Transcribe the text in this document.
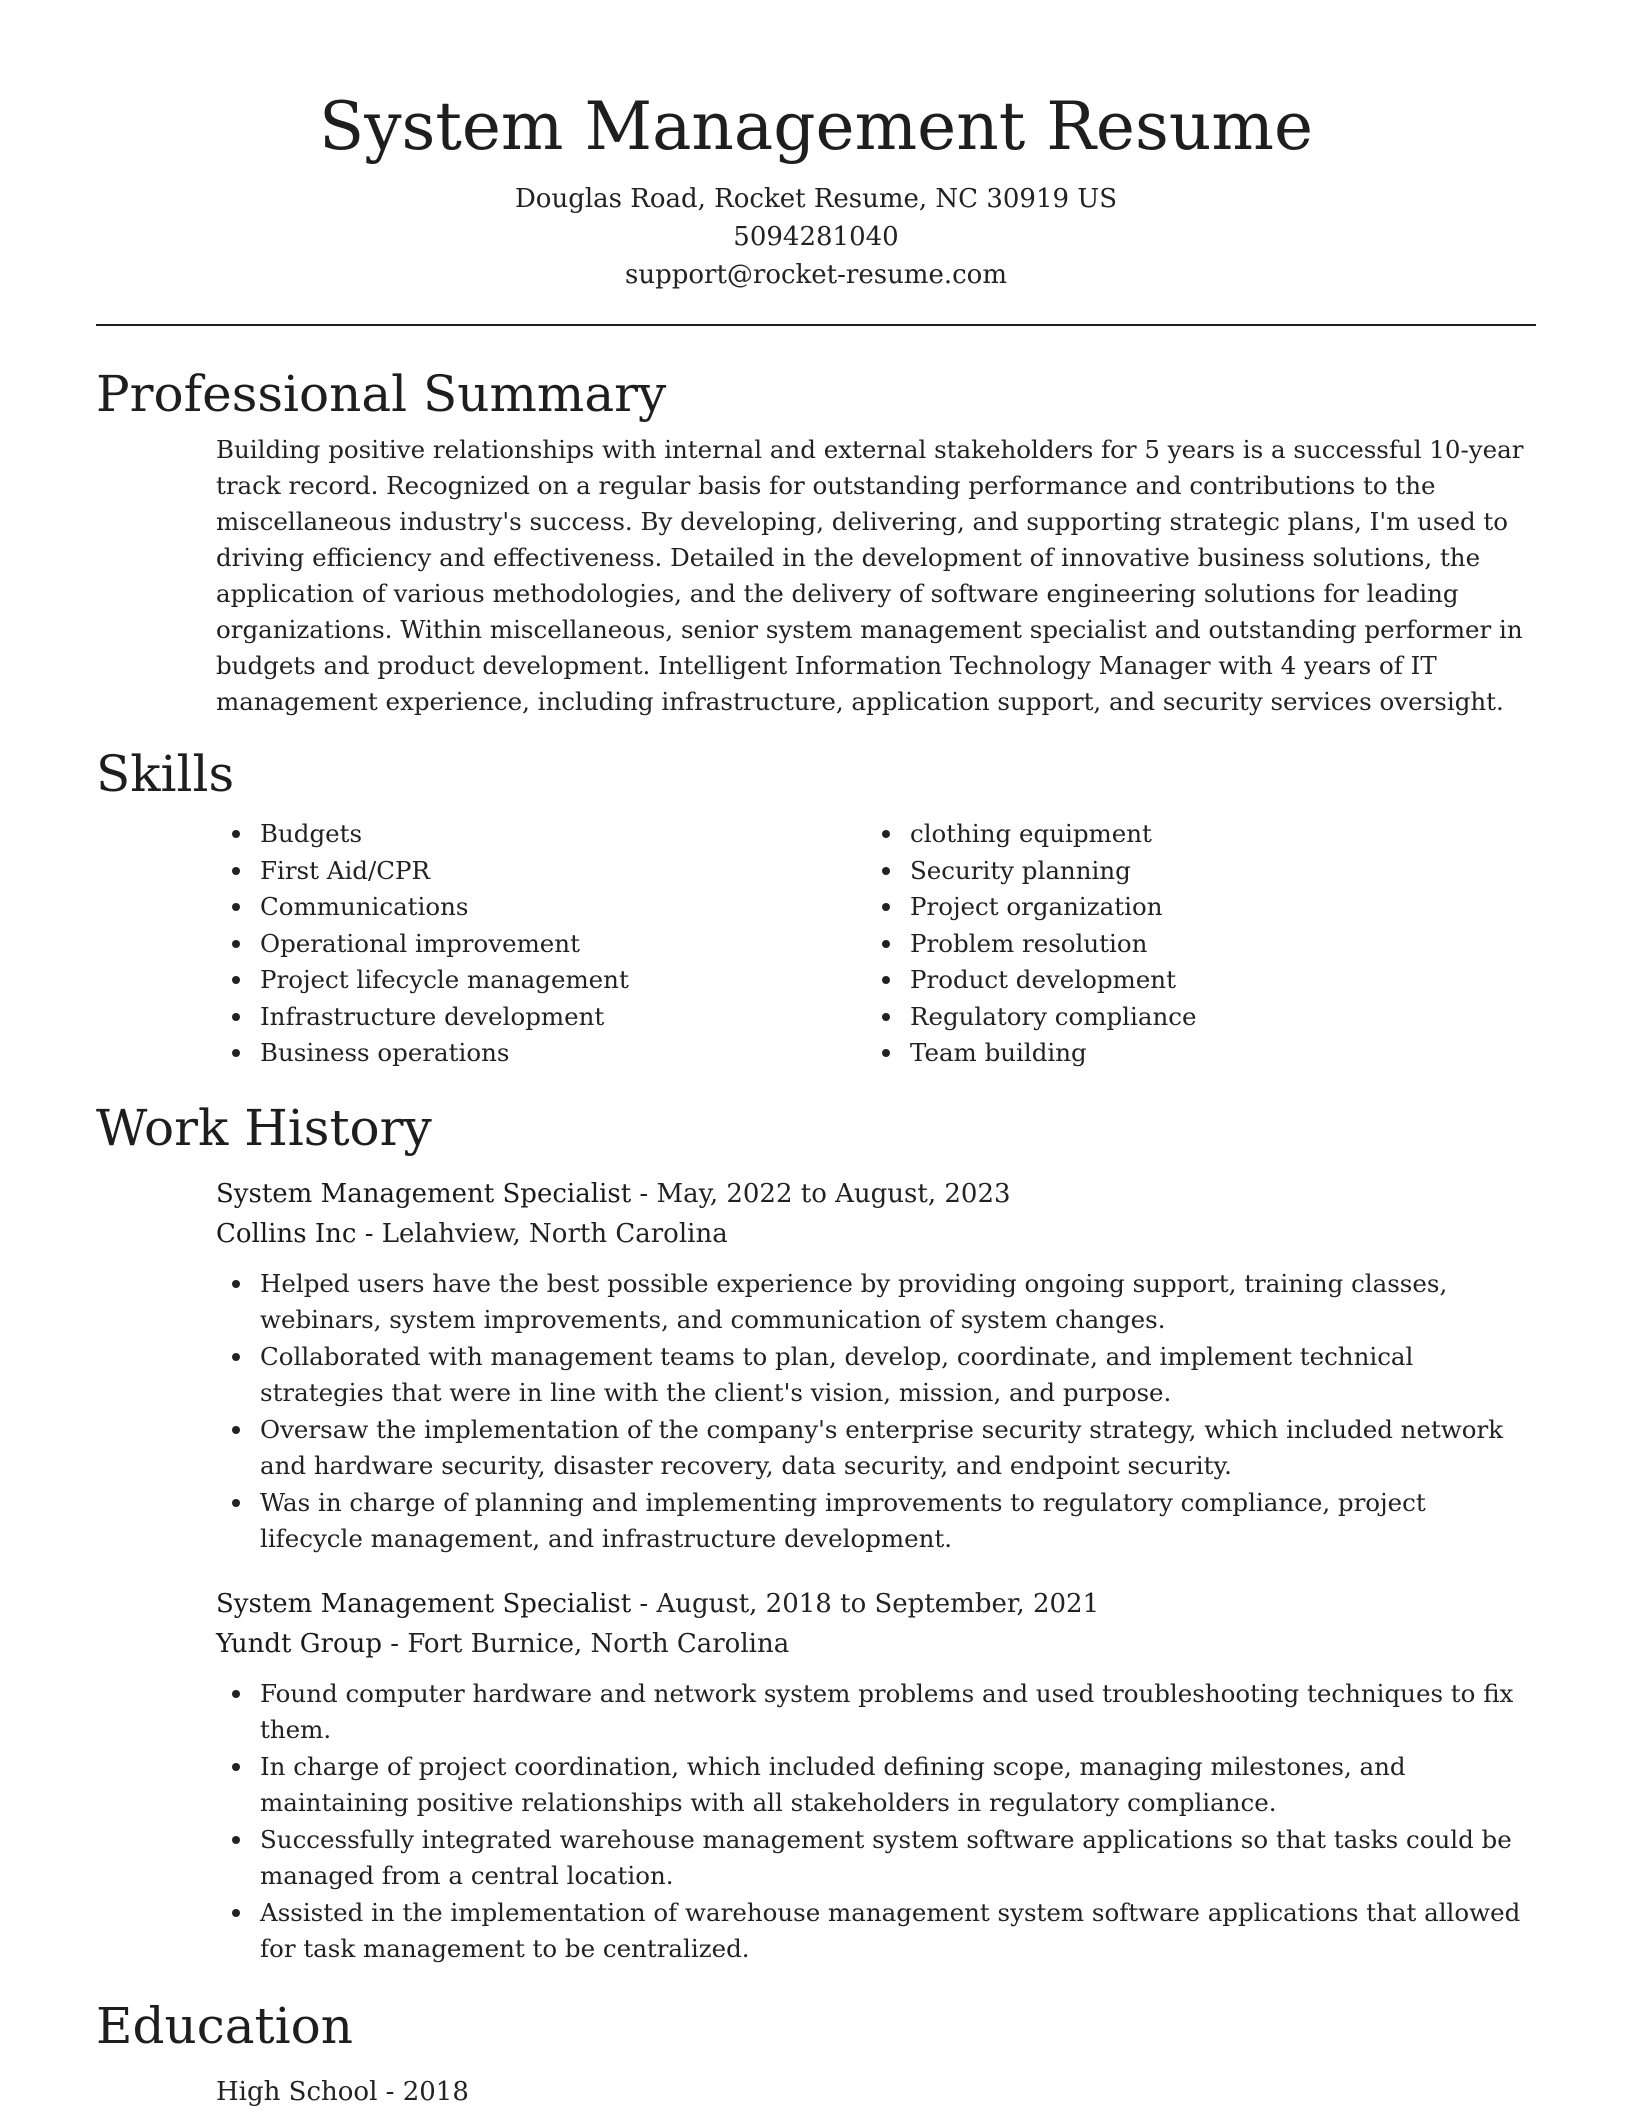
System Management Resume
Douglas Road, Rocket Resume, NC 30919 US
5094281040
support@rocket-resume.com
Professional Summary

Building positive relationships with internal and external stakeholders for 5 years is a successful 10-year track record. Recognized on a regular basis for outstanding performance and contributions to the miscellaneous industry's success. By developing, delivering, and supporting strategic plans, I'm used to driving efficiency and effectiveness. Detailed in the development of innovative business solutions, the application of various methodologies, and the delivery of software engineering solutions for leading organizations. Within miscellaneous, senior system management specialist and outstanding performer in budgets and product development. Intelligent Information Technology Manager with 4 years of IT management experience, including infrastructure, application support, and security services oversight.

Skills
Budgets
First Aid/CPR
Communications
Operational improvement
Project lifecycle management
Infrastructure development
Business operations
clothing equipment
Security planning
Project organization
Problem resolution
Product development
Regulatory compliance
Team building
Work History
System Management Specialist - May, 2022 to August, 2023
Collins Inc - Lelahview, North Carolina
Helped users have the best possible experience by providing ongoing support, training classes, webinars, system improvements, and communication of system changes.
Collaborated with management teams to plan, develop, coordinate, and implement technical strategies that were in line with the client's vision, mission, and purpose.
Oversaw the implementation of the company's enterprise security strategy, which included network and hardware security, disaster recovery, data security, and endpoint security.
Was in charge of planning and implementing improvements to regulatory compliance, project lifecycle management, and infrastructure development.
System Management Specialist - August, 2018 to September, 2021
Yundt Group - Fort Burnice, North Carolina
Found computer hardware and network system problems and used troubleshooting techniques to fix them.
In charge of project coordination, which included defining scope, managing milestones, and maintaining positive relationships with all stakeholders in regulatory compliance.
Successfully integrated warehouse management system software applications so that tasks could be managed from a central location.
Assisted in the implementation of warehouse management system software applications that allowed for task management to be centralized.
Education
High School - 2018
